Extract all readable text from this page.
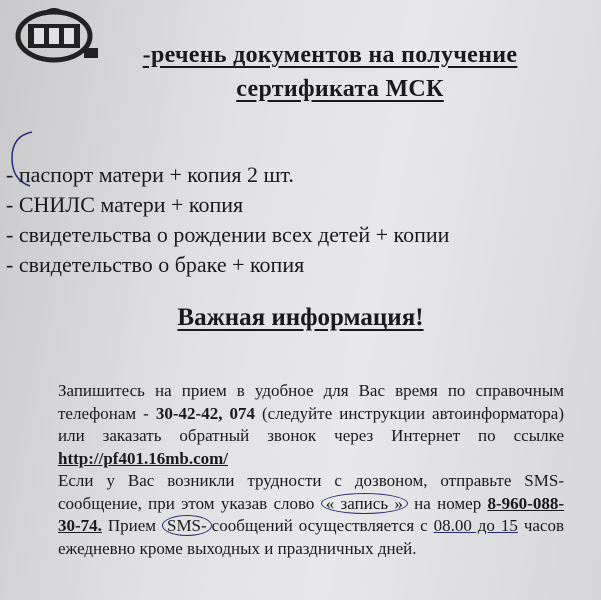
-речень документов на получение
сертификата МСК
- паспорт матери + копия 2 шт.
- СНИЛС матери + копия
- свидетельства о рождении всех детей + копии
- свидетельство о браке + копия
Важная информация!

Запишитесь на прием в удобное для Вас время по справочным телефонам - 30-42-42, 074 (следуйте инструкции автоинформатора) или заказать обратный звонок через Интернет по ссылке http://pf401.16mb.com/

Если у Вас возникли трудности с дозвоном, отправьте SMS-сообщение, при этом указав слово « запись » на номер 8-960-088-30-74. Прием SMS- сообщений осуществляется с 08.00 до 15 часов ежедневно кроме выходных и праздничных дней.
